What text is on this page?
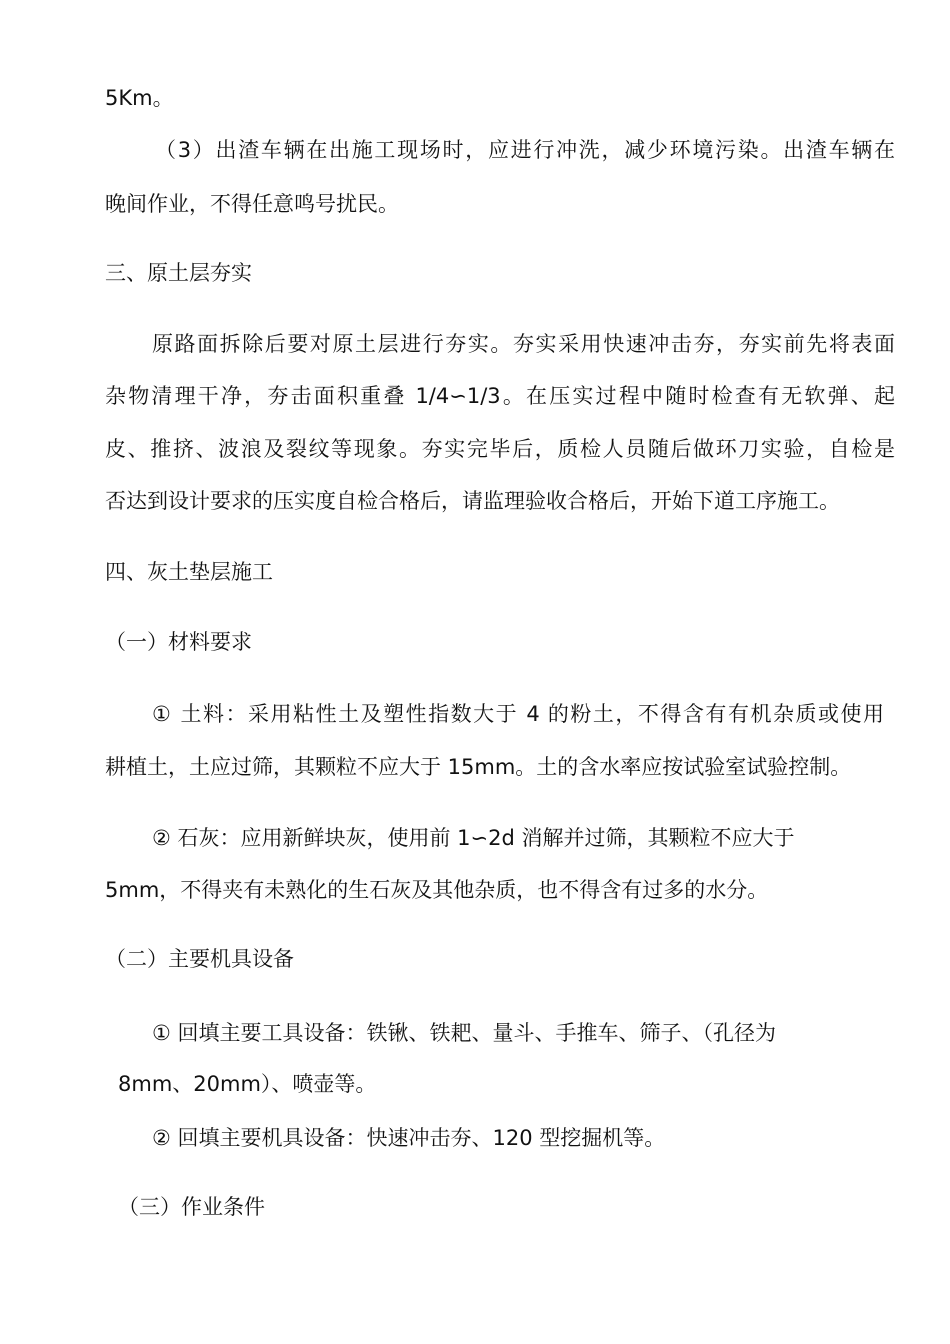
5Km。
（3）出渣车辆在出施工现场时，应进行冲洗，减少环境污染。出渣车辆在
晚间作业，不得任意鸣号扰民。
三、原土层夯实
原路面拆除后要对原土层进行夯实。夯实采用快速冲击夯，夯实前先将表面
杂物清理干净，夯击面积重叠 1/4∽1/3。在压实过程中随时检查有无软弹、起
皮、推挤、波浪及裂纹等现象。夯实完毕后，质检人员随后做环刀实验，自检是
否达到设计要求的压实度自检合格后，请监理验收合格后，开始下道工序施工。
四、灰土垫层施工
（一）材料要求
① 土料：采用粘性土及塑性指数大于 4 的粉土，不得含有有机杂质或使用
耕植土，土应过筛，其颗粒不应大于 15mm。土的含水率应按试验室试验控制。
② 石灰：应用新鲜块灰，使用前 1∽2d 消解并过筛，其颗粒不应大于
5mm，不得夹有未熟化的生石灰及其他杂质，也不得含有过多的水分。
（二）主要机具设备
① 回填主要工具设备：铁锹、铁耙、量斗、手推车、筛子、（孔径为
8mm、20mm）、喷壶等。
② 回填主要机具设备：快速冲击夯、120 型挖掘机等。
（三）作业条件
